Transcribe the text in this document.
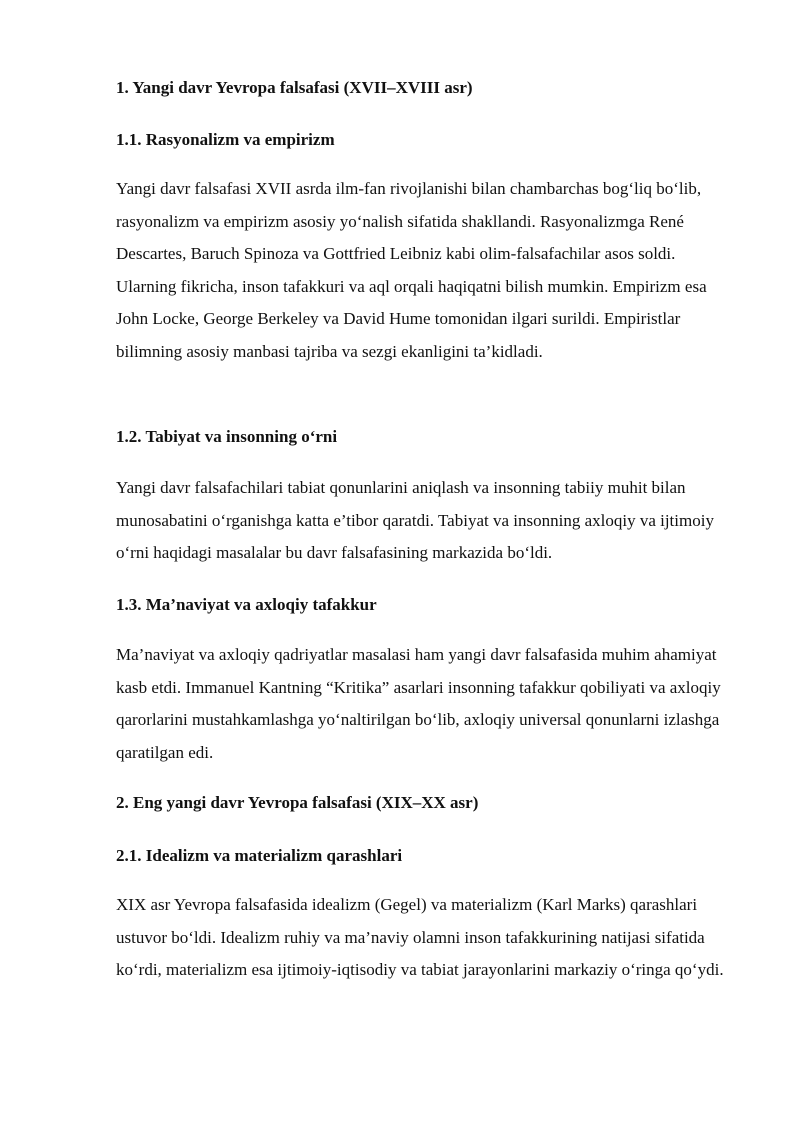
1. Yangi davr Yevropa falsafasi (XVII–XVIII asr)
1.1. Rasyonalizm va empirizm

Yangi davr falsafasi XVII asrda ilm-fan rivojlanishi bilan chambarchas bog‘liq bo‘lib, rasyonalizm va empirizm asosiy yo‘nalish sifatida shakllandi. Rasyonalizmga René Descartes, Baruch Spinoza va Gottfried Leibniz kabi olim-falsafachilar asos soldi. Ularning fikricha, inson tafakkuri va aql orqali haqiqatni bilish mumkin. Empirizm esa John Locke, George Berkeley va David Hume tomonidan ilgari surildi. Empiristlar bilimning asosiy manbasi tajriba va sezgi ekanligini ta’kidladi.

1.2. Tabiyat va insonning o‘rni

Yangi davr falsafachilari tabiat qonunlarini aniqlash va insonning tabiiy muhit bilan munosabatini o‘rganishga katta e’tibor qaratdi. Tabiyat va insonning axloqiy va ijtimoiy o‘rni haqidagi masalalar bu davr falsafasining markazida bo‘ldi.

1.3. Ma’naviyat va axloqiy tafakkur

Ma’naviyat va axloqiy qadriyatlar masalasi ham yangi davr falsafasida muhim ahamiyat kasb etdi. Immanuel Kantning “Kritika” asarlari insonning tafakkur qobiliyati va axloqiy qarorlarini mustahkamlashga yo‘naltirilgan bo‘lib, axloqiy universal qonunlarni izlashga qaratilgan edi.

2. Eng yangi davr Yevropa falsafasi (XIX–XX asr)
2.1. Idealizm va materializm qarashlari

XIX asr Yevropa falsafasida idealizm (Gegel) va materializm (Karl Marks) qarashlari ustuvor bo‘ldi. Idealizm ruhiy va ma’naviy olamni inson tafakkurining natijasi sifatida ko‘rdi, materializm esa ijtimoiy-iqtisodiy va tabiat jarayonlarini markaziy o‘ringa qo‘ydi.
